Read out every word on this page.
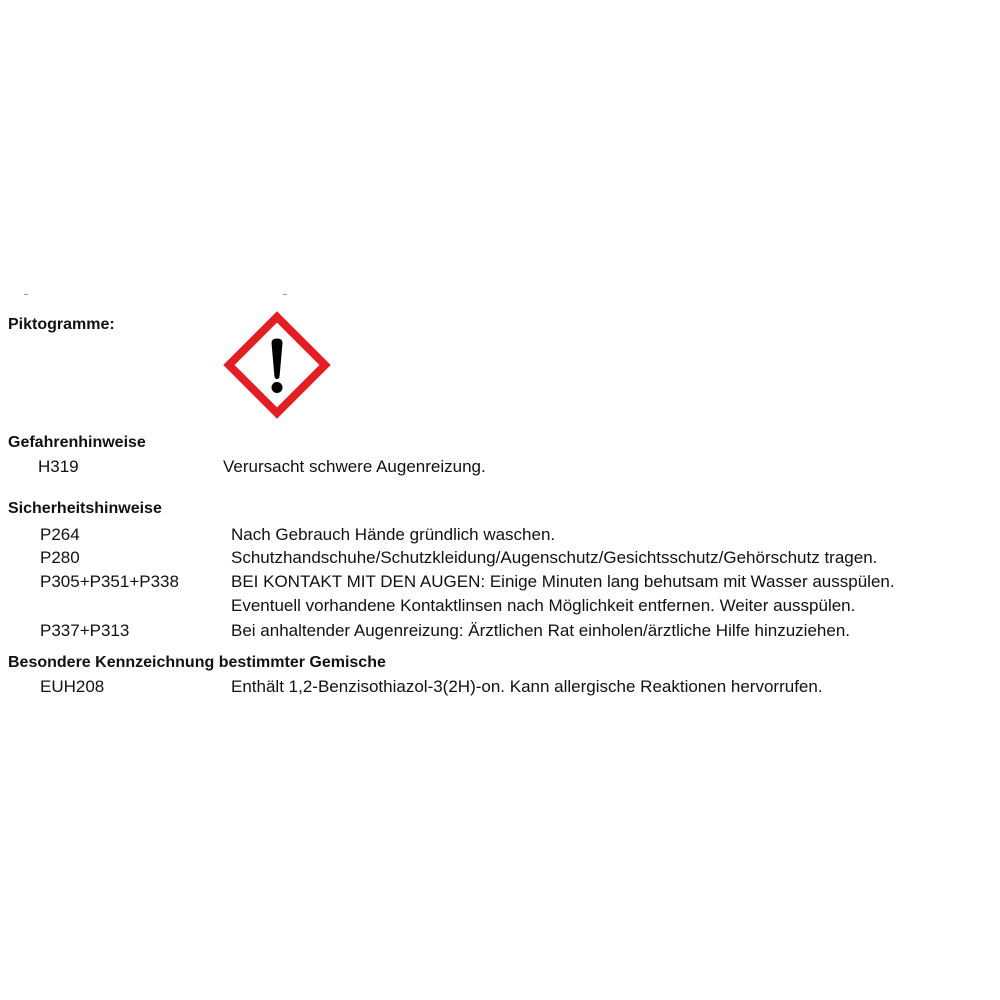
Piktogramme:
Gefahrenhinweise
H319	Verursacht schwere Augenreizung.
Sicherheitshinweise
P264	Nach Gebrauch Hände gründlich waschen.
P280	Schutzhandschuhe/Schutzkleidung/Augenschutz/Gesichtsschutz/Gehörschutz tragen.
P305+P351+P338	BEI KONTAKT MIT DEN AUGEN: Einige Minuten lang behutsam mit Wasser ausspülen.
Eventuell vorhandene Kontaktlinsen nach Möglichkeit entfernen. Weiter ausspülen.
P337+P313	Bei anhaltender Augenreizung: Ärztlichen Rat einholen/ärztliche Hilfe hinzuziehen.
Besondere Kennzeichnung bestimmter Gemische
EUH208	Enthält 1,2-Benzisothiazol-3(2H)-on. Kann allergische Reaktionen hervorrufen.
